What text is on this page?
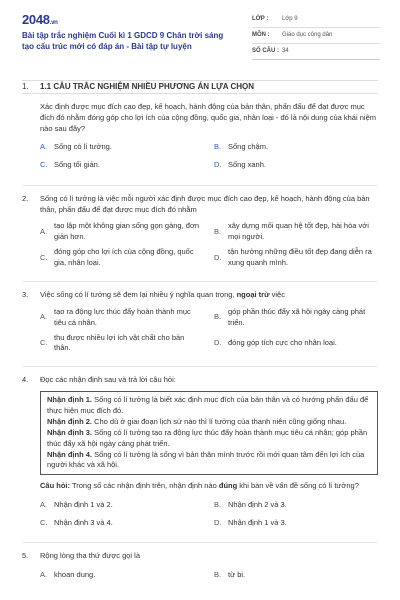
2048.vn
Bài tập trắc nghiệm Cuối kì 1 GDCD 9 Chân trời sáng tạo cấu trúc mới có đáp án - Bài tập tự luyện
LỚP :	Lớp 9
MÔN :	Giáo dục công dân
SỐ CÂU : 34
1.	1.1 CÂU TRẮC NGHIỆM NHIỀU PHƯƠNG ÁN LỰA CHỌN
Xác định được mục đích cao đẹp, kế hoạch, hành động của bản thân, phấn đấu để đạt được mục đích đó nhằm đóng góp cho lợi ích của cộng đồng, quốc gia, nhân loại - đó là nội dung của khái niệm nào sau đây?
A. Sống có lí tưởng.	B. Sống chậm.
C. Sống tối giản.	D. Sống xanh.
2.	Sống có lí tưởng là việc mỗi người xác định được mục đích cao đẹp, kế hoạch, hành động của bản thân, phấn đấu để đạt được mục đích đó nhằm
A.
tạo lập một không gian sống gọn gàng, đơn giản hơn.
B.
xây dựng mối quan hệ tốt đẹp, hài hòa với mọi người.
C.
đóng góp cho lợi ích của cộng đồng, quốc gia, nhân loại.
D.
tận hưởng những điều tốt đẹp đang diễn ra xung quanh mình.
3.	Việc sống có lí tưởng sẽ đem lại nhiều ý nghĩa quan trọng, ngoại trừ việc
A.
tạo ra động lực thúc đẩy hoàn thành mục tiêu cá nhân.
B.
góp phần thúc đẩy xã hội ngày càng phát triển.
C.
thu được nhiều lợi ích vật chất cho bản thân.
D. đóng góp tích cực cho nhân loại.
4.	Đọc các nhận định sau và trả lời câu hỏi:

Nhận định 1. Sống có lí tưởng là biết xác định mục đích của bản thân và có hướng phấn đấu để thực hiện mục đích đó.

Nhận định 2. Cho dù ở giai đoạn lịch sử nào thì lí tưởng của thanh niên cũng giống nhau.

Nhận định 3. Sống có lí tưởng tạo ra động lực thúc đẩy hoàn thành mục tiêu cá nhân; góp phần thúc đẩy xã hội ngày càng phát triển.

Nhận định 4. Sống có lí tưởng là sống vì bản thân mình trước rồi mới quan tâm đến lợi ích của người khác và xã hội.

Câu hỏi: Trong số các nhận định trên, nhận định nào đúng khi bàn về vấn đề sống có lí tưởng?
A. Nhận định 1 và 2.	B. Nhận định 2 và 3.
C. Nhận định 3 và 4.	D. Nhận định 1 và 3.
5.	Rộng lòng tha thứ được gọi là
A. khoan dung.	B. từ bi.
